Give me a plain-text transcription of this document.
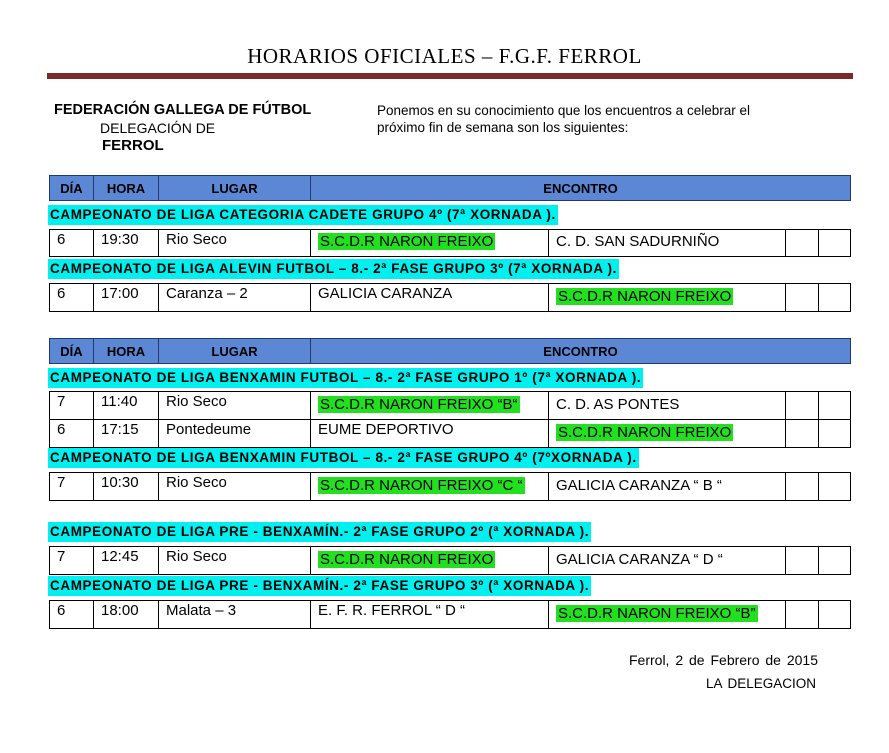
HORARIOS OFICIALES – F.G.F. FERROL
FEDERACIÓN GALLEGA DE FÚTBOL
DELEGACIÓN DE
FERROL
Ponemos en su conocimiento que los encuentros a celebrar el
próximo fin de semana son los siguientes:
DÍA	HORA	LUGAR	ENCONTRO
CAMPEONATO DE LIGA CATEGORIA CADETE GRUPO 4º (7ª XORNADA ).
6	19:30	Rio Seco	S.C.D.R NARON FREIXO	C. D. SAN SADURNIÑO		
CAMPEONATO DE LIGA ALEVIN FUTBOL – 8.- 2ª FASE GRUPO 3º (7ª XORNADA ).
6	17:00	Caranza – 2	GALICIA CARANZA	S.C.D.R NARON FREIXO		
DÍA	HORA	LUGAR	ENCONTRO
CAMPEONATO DE LIGA BENXAMIN FUTBOL – 8.- 2ª FASE GRUPO 1º (7ª XORNADA ).
7	11:40	Rio Seco	S.C.D.R NARON FREIXO “B“	C. D. AS PONTES		
6	17:15	Pontedeume	EUME DEPORTIVO	S.C.D.R NARON FREIXO		
CAMPEONATO DE LIGA BENXAMIN FUTBOL – 8.- 2ª FASE GRUPO 4º (7ºXORNADA ).
7	10:30	Rio Seco	S.C.D.R NARON FREIXO “C “	GALICIA CARANZA “ B “		
CAMPEONATO DE LIGA PRE - BENXAMÍN.- 2ª FASE GRUPO 2º (ª XORNADA ).
7	12:45	Rio Seco	S.C.D.R NARON FREIXO	GALICIA CARANZA “ D “		
CAMPEONATO DE LIGA PRE - BENXAMÍN.- 2ª FASE GRUPO 3º (ª XORNADA ).
6	18:00	Malata – 3	E. F. R. FERROL “ D “	S.C.D.R NARON FREIXO “B”		
Ferrol, 2 de Febrero de 2015
LA DELEGACION
